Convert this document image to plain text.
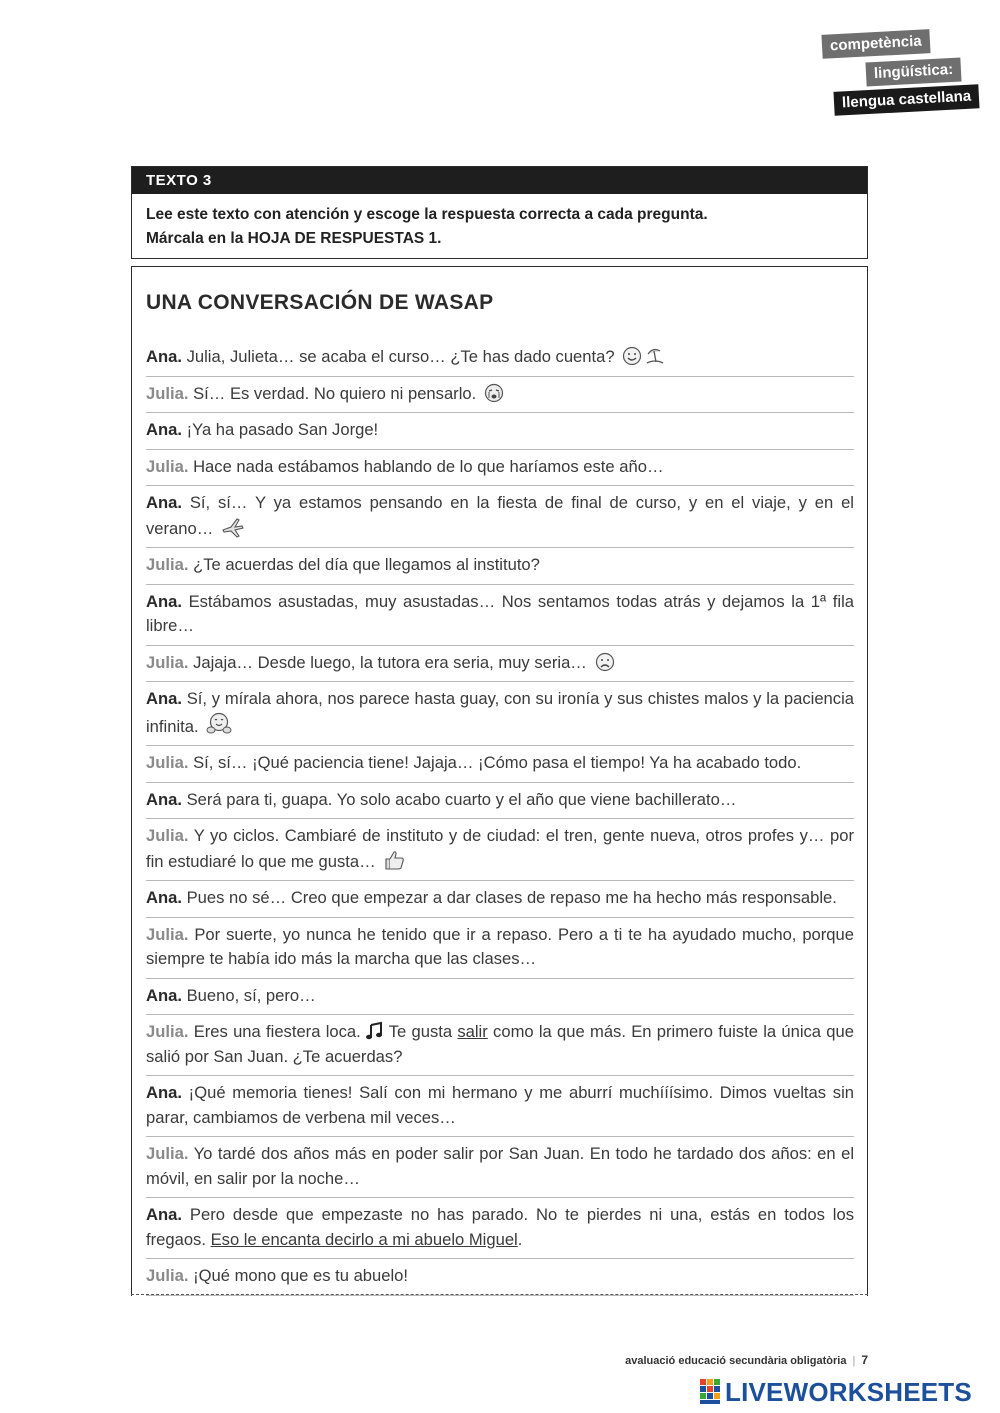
competència
lingüística:
llengua castellana
TEXTO 3
Lee este texto con atención y escoge la respuesta correcta a cada pregunta.
Márcala en la HOJA DE RESPUESTAS 1.
UNA CONVERSACIÓN DE WASAP
Ana. Julia, Julieta… se acaba el curso… ¿Te has dado cuenta?
Julia. Sí… Es verdad. No quiero ni pensarlo.
Ana. ¡Ya ha pasado San Jorge!
Julia. Hace nada estábamos hablando de lo que haríamos este año…
Ana. Sí, sí… Y ya estamos pensando en la fiesta de final de curso, y en el viaje, y en el verano…
Julia. ¿Te acuerdas del día que llegamos al instituto?
Ana. Estábamos asustadas, muy asustadas… Nos sentamos todas atrás y dejamos la 1ª fila libre…
Julia. Jajaja… Desde luego, la tutora era seria, muy seria…
Ana. Sí, y mírala ahora, nos parece hasta guay, con su ironía y sus chistes malos y la paciencia infinita.
Julia. Sí, sí… ¡Qué paciencia tiene! Jajaja… ¡Cómo pasa el tiempo! Ya ha acabado todo.
Ana. Será para ti, guapa. Yo solo acabo cuarto y el año que viene bachillerato…
Julia. Y yo ciclos. Cambiaré de instituto y de ciudad: el tren, gente nueva, otros profes y… por fin estudiaré lo que me gusta…
Ana. Pues no sé… Creo que empezar a dar clases de repaso me ha hecho más responsable.
Julia. Por suerte, yo nunca he tenido que ir a repaso. Pero a ti te ha ayudado mucho, porque siempre te había ido más la marcha que las clases…
Ana. Bueno, sí, pero…
Julia. Eres una fiestera loca. Te gusta salir como la que más. En primero fuiste la única que salió por San Juan. ¿Te acuerdas?
Ana. ¡Qué memoria tienes! Salí con mi hermano y me aburrí muchííísimo. Dimos vueltas sin parar, cambiamos de verbena mil veces…
Julia. Yo tardé dos años más en poder salir por San Juan. En todo he tardado dos años: en el móvil, en salir por la noche…
Ana. Pero desde que empezaste no has parado. No te pierdes ni una, estás en todos los fregaos. Eso le encanta decirlo a mi abuelo Miguel.
Julia. ¡Qué mono que es tu abuelo!
avaluació educació secundària obligatòria | 7
LIVEWORKSHEETS
